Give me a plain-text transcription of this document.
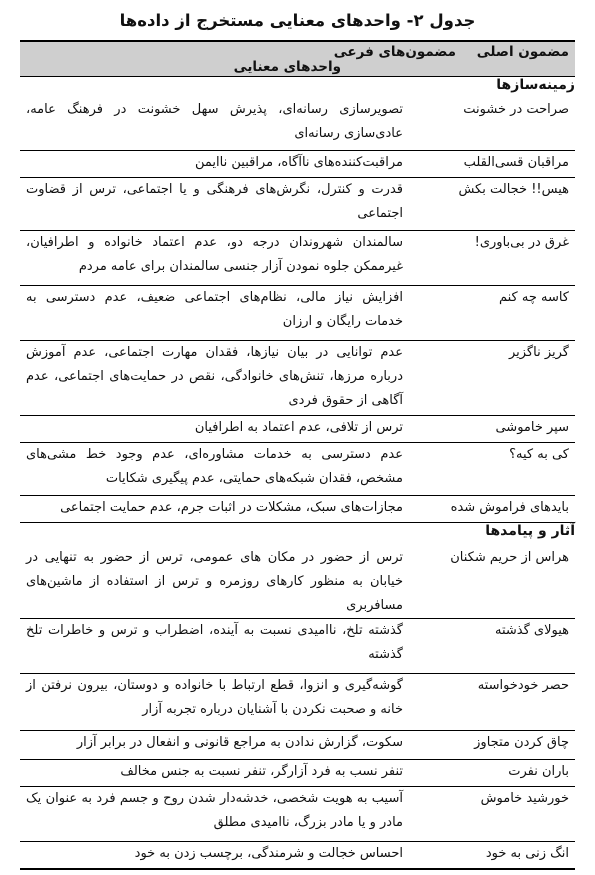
جدول ۲- واحدهای معنایی مستخرج از داده‌ها
مضمون اصلی مضمون‌های فرعی
واحدهای معنایی
زمینه‌سازها
صراحت در خشونت
تصویرسازی رسانه‌ای، پذیرش سهل خشونت در فرهنگ عامه، عادی‌سازی رسانه‌ای
مراقبان قسی‌القلب
مراقبت‌کننده‌های ناآگاه، مراقبین ناایمن
هیس!! خجالت بکش
قدرت و کنترل، نگرش‌های فرهنگی و یا اجتماعی، ترس از قضاوت اجتماعی
غرق در بی‌باوری!
سالمندان شهروندان درجه دو، عدم اعتماد خانواده و اطرافیان، غیرممکن جلوه نمودن آزار جنسی سالمندان برای عامه مردم
کاسه چه کنم
افزایش نیاز مالی، نظام‌های اجتماعی ضعیف، عدم دسترسی به خدمات رایگان و ارزان
گریز ناگزیر
عدم توانایی در بیان نیازها، فقدان مهارت اجتماعی، عدم آموزش درباره مرزها، تنش‌های خانوادگی، نقص در حمایت‌های اجتماعی، عدم آگاهی از حقوق فردی
سپر خاموشی
ترس از تلافی، عدم اعتماد به اطرافیان
کی به کیه؟
عدم دسترسی به خدمات مشاوره‌ای، عدم وجود خط مشی‌های مشخص، فقدان شبکه‌های حمایتی، عدم پیگیری شکایات
بایدهای فراموش شده
مجازات‌های سبک، مشکلات در اثبات جرم، عدم حمایت اجتماعی
آثار و پیامدها
هراس از حریم شکنان
ترس از حضور در مکان های عمومی، ترس از حضور به تنهایی در خیابان به منظور کارهای روزمره و ترس از استفاده از ماشین‌های مسافربری
هیولای گذشته
گذشته تلخ، ناامیدی نسبت به آینده، اضطراب و ترس و خاطرات تلخ گذشته
حصر خودخواسته
گوشه‌گیری و انزوا، قطع ارتباط با خانواده و دوستان، بیرون نرفتن از خانه و صحبت نکردن با آشنایان درباره تجربه آزار
چاق کردن متجاوز
سکوت، گزارش ندادن به مراجع قانونی و انفعال در برابر آزار
باران نفرت
تنفر نسب به فرد آزارگر، تنفر نسبت به جنس مخالف
خورشید خاموش
آسیب به هویت شخصی، خدشه‌دار شدن روح و جسم فرد به عنوان یک مادر و یا مادر بزرگ، ناامیدی مطلق
انگ زنی به خود
احساس خجالت و شرمندگی، برچسب زدن به خود
